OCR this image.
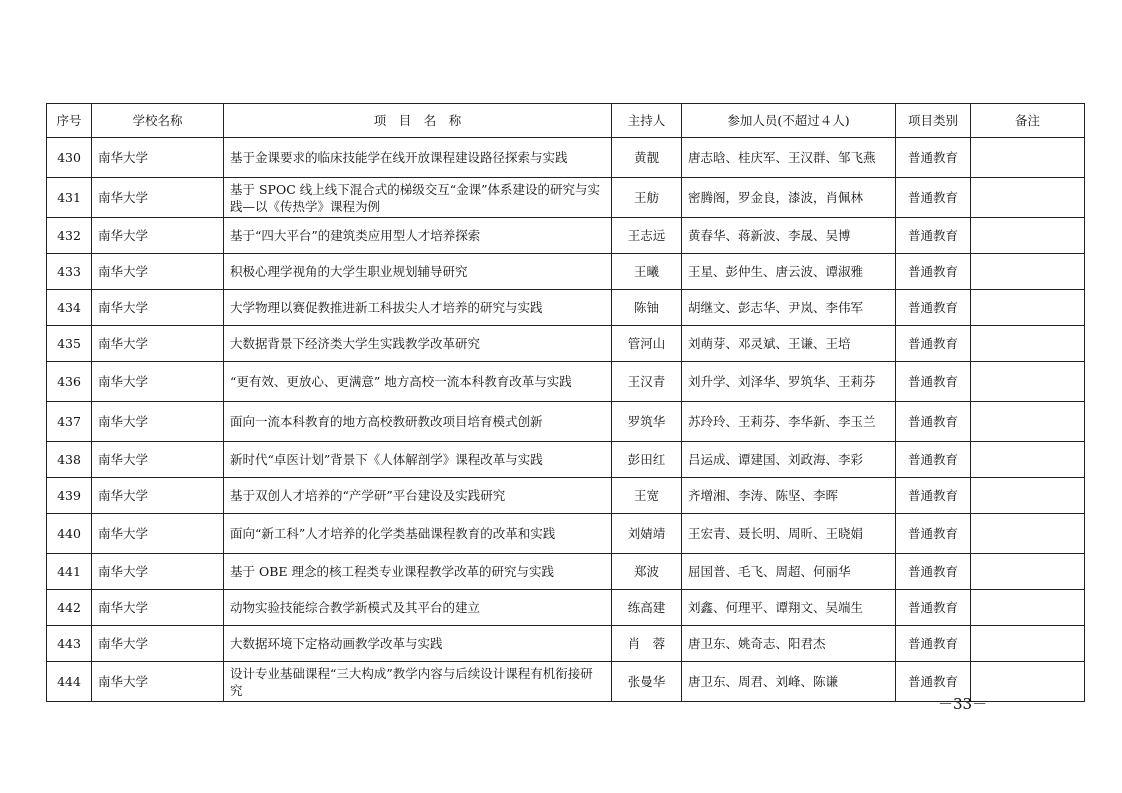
序号	学校名称	项　目　名　称	主持人	参加人员(不超过４人)	项目类别	备注
430	南华大学	基于金课要求的临床技能学在线开放课程建设路径探索与实践	黄靓	唐志晗、桂庆军、王汉群、邹飞燕	普通教育	
431	南华大学	基于 SPOC 线上线下混合式的梯级交互“金课”体系建设的研究与实践—以《传热学》课程为例	王舫	密腾阁，罗金良，漆波，肖佩林	普通教育	
432	南华大学	基于“四大平台”的建筑类应用型人才培养探索	王志远	黄春华、蒋新波、李晟、吴博	普通教育	
433	南华大学	积极心理学视角的大学生职业规划辅导研究	王曦	王星、彭仲生、唐云波、谭淑雅	普通教育	
434	南华大学	大学物理以赛促教推进新工科拔尖人才培养的研究与实践	陈铀	胡继文、彭志华、尹岚、李伟军	普通教育	
435	南华大学	大数据背景下经济类大学生实践教学改革研究	管河山	刘萌芽、邓灵斌、王谦、王培	普通教育	
436	南华大学	“更有效、更放心、更满意” 地方高校一流本科教育改革与实践	王汉青	刘升学、刘泽华、罗筑华、王莉芬	普通教育	
437	南华大学	面向一流本科教育的地方高校教研教改项目培育模式创新	罗筑华	苏玲玲、王莉芬、李华新、李玉兰	普通教育	
438	南华大学	新时代“卓医计划”背景下《人体解剖学》课程改革与实践	彭田红	吕运成、谭建国、刘政海、李彩	普通教育	
439	南华大学	基于双创人才培养的“产学研”平台建设及实践研究	王宽	齐增湘、李涛、陈坚、李晖	普通教育	
440	南华大学	面向“新工科”人才培养的化学类基础课程教育的改革和实践	刘婧靖	王宏青、聂长明、周昕、王晓娟	普通教育	
441	南华大学	基于 OBE 理念的核工程类专业课程教学改革的研究与实践	郑波	屈国普、毛飞、周超、何丽华	普通教育	
442	南华大学	动物实验技能综合教学新模式及其平台的建立	练高建	刘鑫、何理平、谭翔文、吴端生	普通教育	
443	南华大学	大数据环境下定格动画教学改革与实践	肖　蓉	唐卫东、姚奇志、阳君杰	普通教育	
444	南华大学	设计专业基础课程“三大构成”教学内容与后续设计课程有机衔接研究	张曼华	唐卫东、周君、刘峰、陈谦	普通教育	
－33－
